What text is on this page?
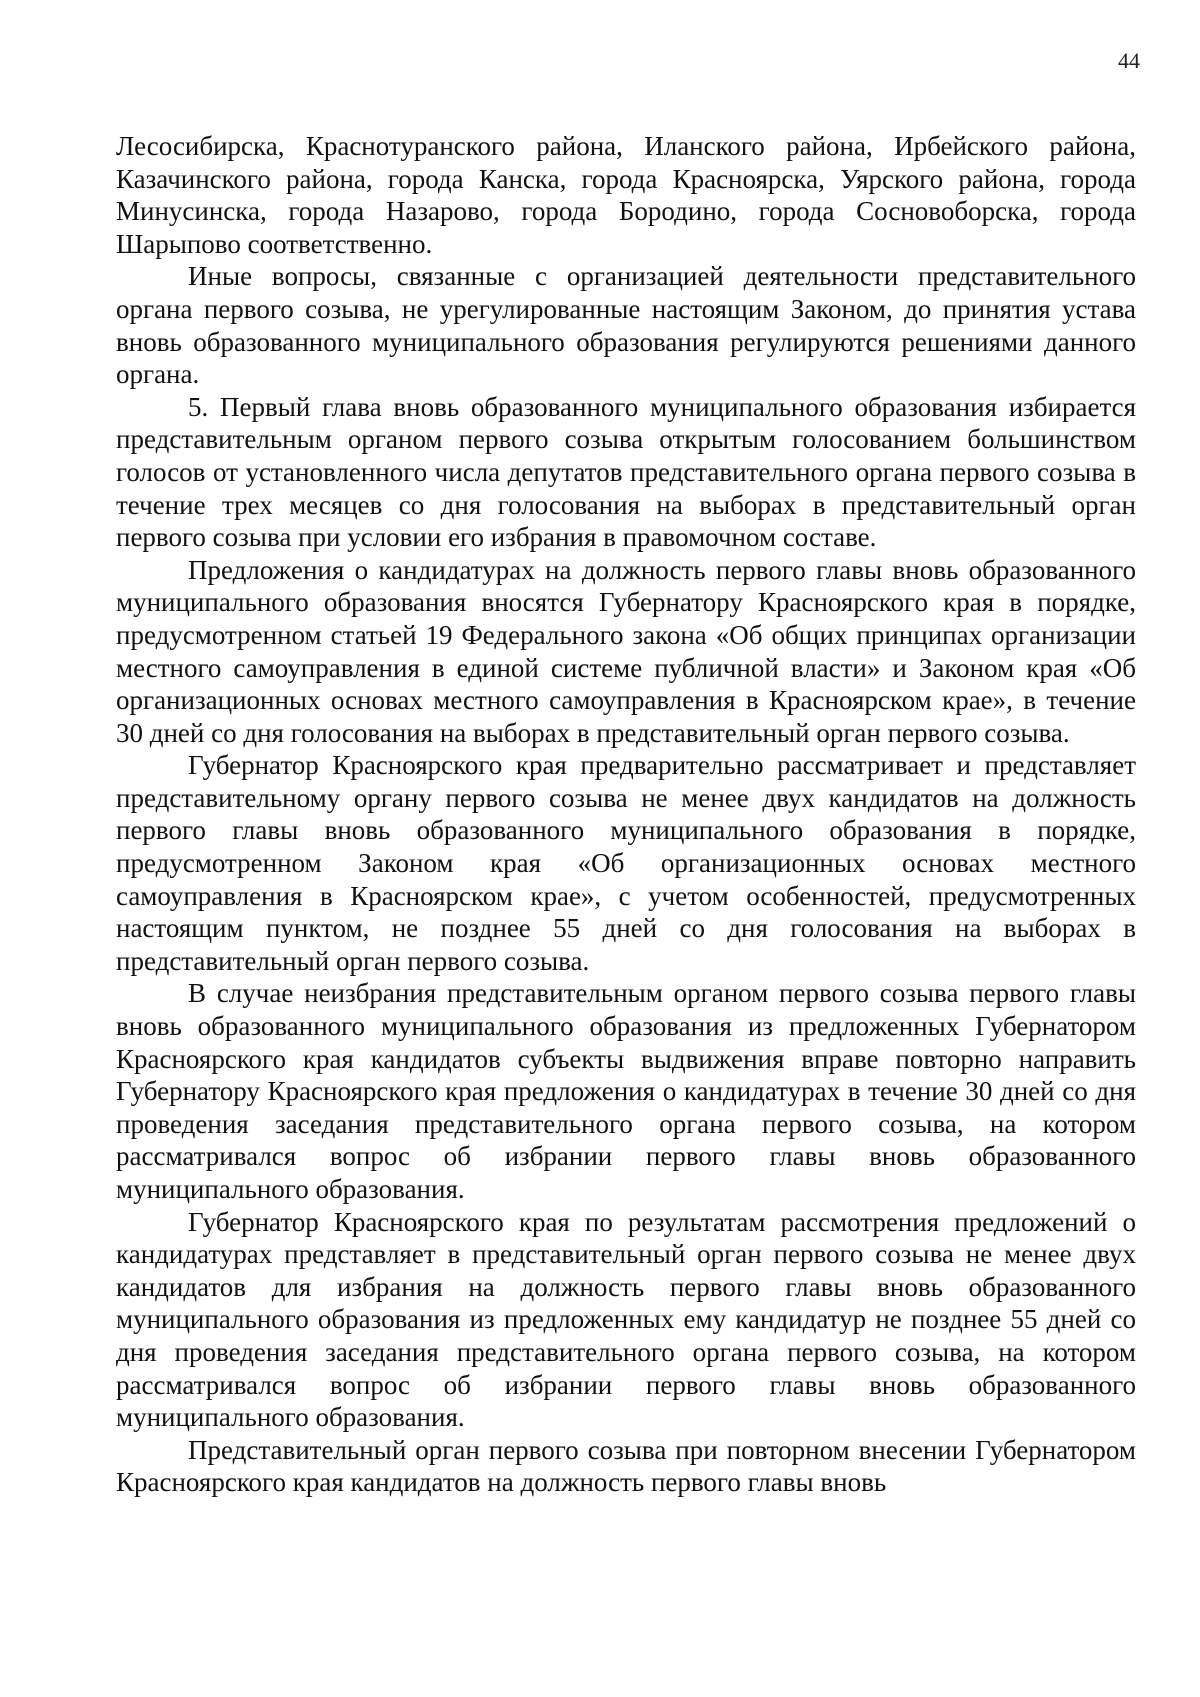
44

Лесосибирска, Краснотуранского района, Иланского района, Ирбейского района, Казачинского района, города Канска, города Красноярска, Уярского района, города Минусинска, города Назарово, города Бородино, города Сосновоборска, города Шарыпово соответственно.

Иные вопросы, связанные с организацией деятельности представительного органа первого созыва, не урегулированные настоящим Законом, до принятия устава вновь образованного муниципального образования регулируются решениями данного органа.

5. Первый глава вновь образованного муниципального образования избирается представительным органом первого созыва открытым голосованием большинством голосов от установленного числа депутатов представительного органа первого созыва в течение трех месяцев со дня голосования на выборах в представительный орган первого созыва при условии его избрания в правомочном составе.

Предложения о кандидатурах на должность первого главы вновь образованного муниципального образования вносятся Губернатору Красноярского края в порядке, предусмотренном статьей 19 Федерального закона «Об общих принципах организации местного самоуправления в единой системе публичной власти» и Законом края «Об организационных основах местного самоуправления в Красноярском крае», в течение 30 дней со дня голосования на выборах в представительный орган первого созыва.

Губернатор Красноярского края предварительно рассматривает и представляет представительному органу первого созыва не менее двух кандидатов на должность первого главы вновь образованного муниципального образования в порядке, предусмотренном Законом края «Об организационных основах местного самоуправления в Красноярском крае», с учетом особенностей, предусмотренных настоящим пунктом, не позднее 55 дней со дня голосования на выборах в представительный орган первого созыва.

В случае неизбрания представительным органом первого созыва первого главы вновь образованного муниципального образования из предложенных Губернатором Красноярского края кандидатов субъекты выдвижения вправе повторно направить Губернатору Красноярского края предложения о кандидатурах в течение 30 дней со дня проведения заседания представительного органа первого созыва, на котором рассматривался вопрос об избрании первого главы вновь образованного муниципального образования.

Губернатор Красноярского края по результатам рассмотрения предложений о кандидатурах представляет в представительный орган первого созыва не менее двух кандидатов для избрания на должность первого главы вновь образованного муниципального образования из предложенных ему кандидатур не позднее 55 дней со дня проведения заседания представительного органа первого созыва, на котором рассматривался вопрос об избрании первого главы вновь образованного муниципального образования.

Представительный орган первого созыва при повторном внесении Губернатором Красноярского края кандидатов на должность первого главы вновь
